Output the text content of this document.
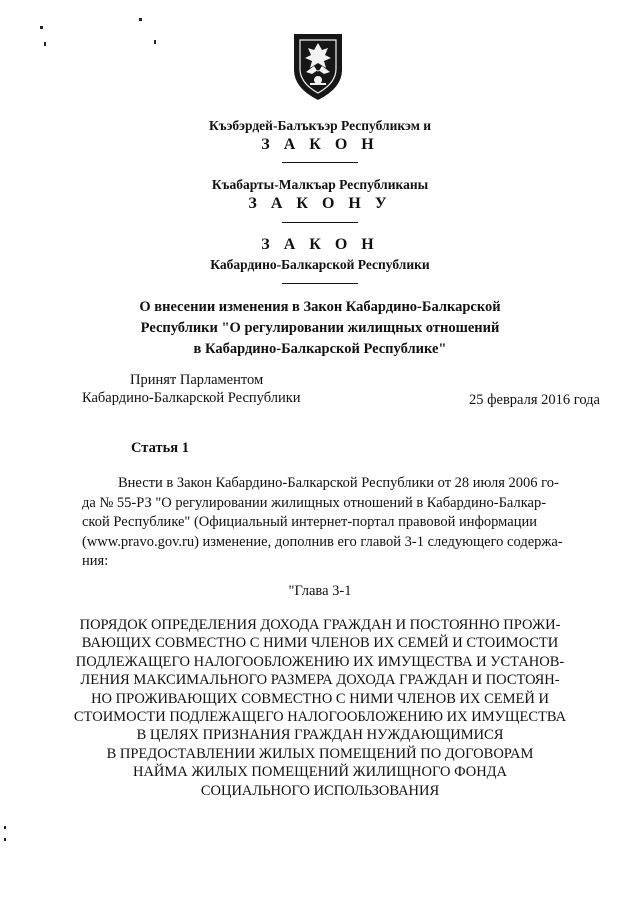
Къэбэрдей-Балъкъэр Республикэм и
З А К О Н
Къабарты-Малкъар Республиканы
З А К О Н У
З А К О Н
Кабардино-Балкарской Республики
О внесении изменения в Закон Кабардино-Балкарской
Республики "О регулировании жилищных отношений
в Кабардино-Балкарской Республике"
Принят Парламентом
Кабардино-Балкарской Республики	25 февраля 2016 года
Статья 1
Внести в Закон Кабардино-Балкарской Республики от 28 июля 2006 го-
да № 55-РЗ "О регулировании жилищных отношений в Кабардино-Балкар-
ской Республике" (Официальный интернет-портал правовой информации
(www.pravo.gov.ru) изменение, дополнив его главой 3-1 следующего содержа-
ния:
"Глава 3-1
ПОРЯДОК ОПРЕДЕЛЕНИЯ ДОХОДА ГРАЖДАН И ПОСТОЯННО ПРОЖИ-
ВАЮЩИХ СОВМЕСТНО С НИМИ ЧЛЕНОВ ИХ СЕМЕЙ И СТОИМОСТИ
ПОДЛЕЖАЩЕГО НАЛОГООБЛОЖЕНИЮ ИХ ИМУЩЕСТВА И УСТАНОВ-
ЛЕНИЯ МАКСИМАЛЬНОГО РАЗМЕРА ДОХОДА ГРАЖДАН И ПОСТОЯН-
НО ПРОЖИВАЮЩИХ СОВМЕСТНО С НИМИ ЧЛЕНОВ ИХ СЕМЕЙ И
СТОИМОСТИ ПОДЛЕЖАЩЕГО НАЛОГООБЛОЖЕНИЮ ИХ ИМУЩЕСТВА
В ЦЕЛЯХ ПРИЗНАНИЯ ГРАЖДАН НУЖДАЮЩИМИСЯ
В ПРЕДОСТАВЛЕНИИ ЖИЛЫХ ПОМЕЩЕНИЙ ПО ДОГОВОРАМ
НАЙМА ЖИЛЫХ ПОМЕЩЕНИЙ ЖИЛИЩНОГО ФОНДА
СОЦИАЛЬНОГО ИСПОЛЬЗОВАНИЯ
